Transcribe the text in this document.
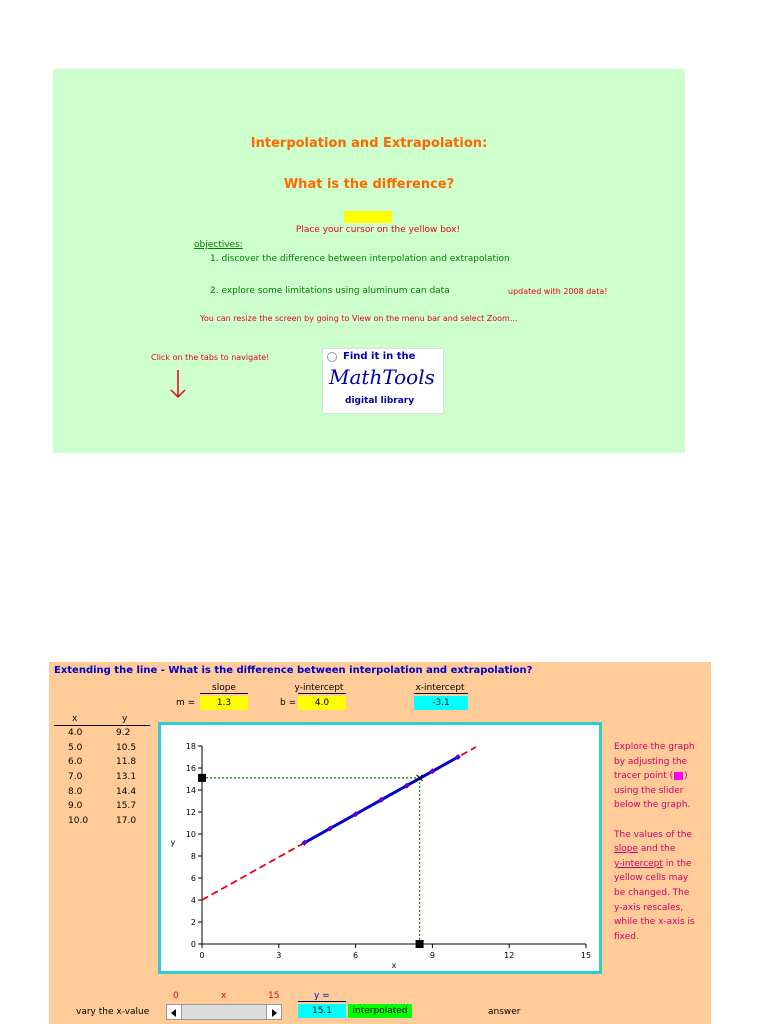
Interpolation and Extrapolation:
What is the difference?
Place your cursor on the yellow box!
objectives:
1. discover the difference between interpolation and extrapolation
2. explore some limitations using aluminum can data	updated with 2008 data!
You can resize the screen by going to View on the menu bar and select Zoom...
Click on the tabs to navigate!	Find it in the
MathTools
digital library
Extending the line - What is the difference between interpolation and extrapolation?
slope	y-intercept	x-intercept
m =	1.3	b =	4.0	-3.1
x	y
4.0	9.2
5.0	10.5
6.0	11.8
7.0	13.1
8.0	14.4
9.0	15.7
10.0	17.0
0	3	6	9	12	15
0
2
4
6
8
10
12
14
16
18
x
y
Explore the graph
by adjusting the
tracer point ( )
using the slider
below the graph.
The values of the
slope and the
y-intercept in the
yellow cells may
be changed. The
y-axis rescales,
while the x-axis is
fixed.
0	x	15	y =
vary the x-value	15.1	interpolated	answer
